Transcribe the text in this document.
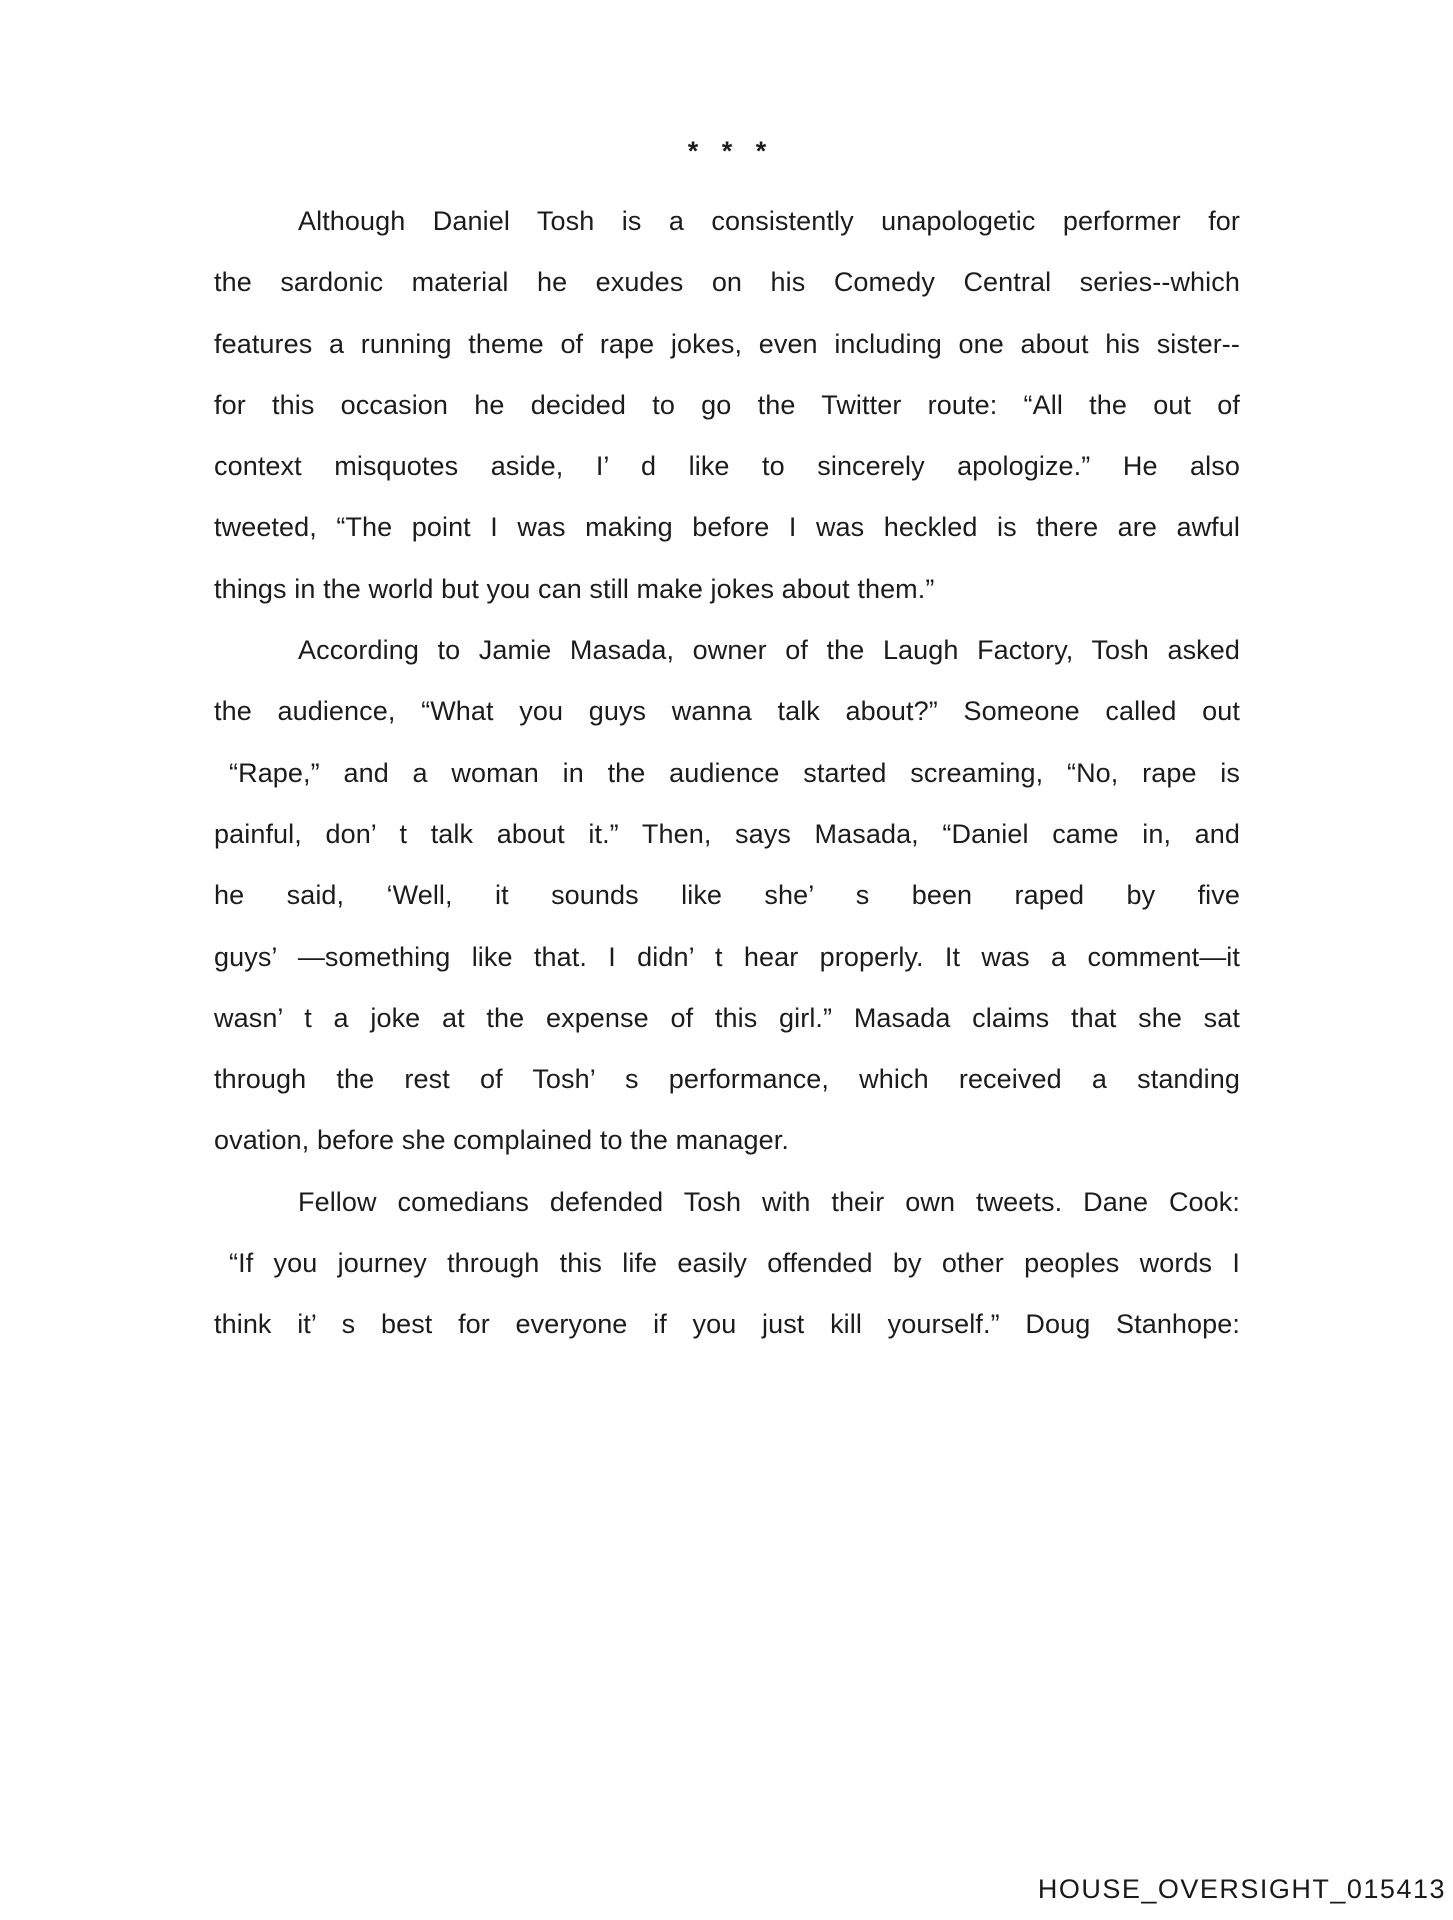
* * *
Although Daniel Tosh is a consistently unapologetic performer for
the sardonic material he exudes on his Comedy Central series--which
features a running theme of rape jokes, even including one about his sister--
for this occasion he decided to go the Twitter route: “All the out of
context misquotes aside, I’ d like to sincerely apologize.” He also
tweeted, “The point I was making before I was heckled is there are awful
things in the world but you can still make jokes about them.”
According to Jamie Masada, owner of the Laugh Factory, Tosh asked
the audience, “What you guys wanna talk about?” Someone called out
“Rape,” and a woman in the audience started screaming, “No, rape is
painful, don’ t talk about it.” Then, says Masada, “Daniel came in, and
he said, ‘Well, it sounds like she’ s been raped by five
guys’ —something like that. I didn’ t hear properly. It was a comment—it
wasn’ t a joke at the expense of this girl.” Masada claims that she sat
through the rest of Tosh’ s performance, which received a standing
ovation, before she complained to the manager.
Fellow comedians defended Tosh with their own tweets. Dane Cook:
“If you journey through this life easily offended by other peoples words I
think it’ s best for everyone if you just kill yourself.” Doug Stanhope:
HOUSE_OVERSIGHT_015413
